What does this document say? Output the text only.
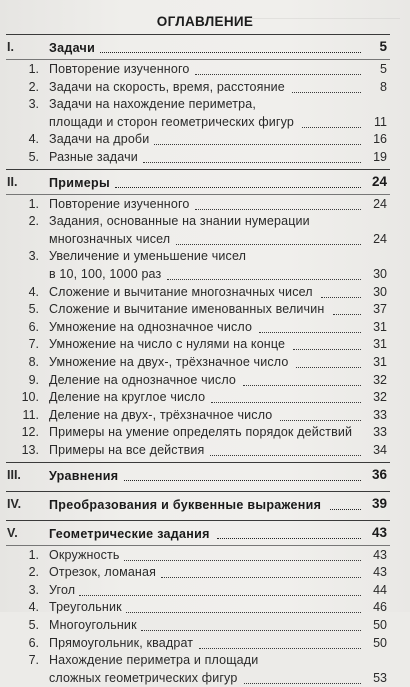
ОГЛАВЛЕНИЕ
I.	Задачи	5
1. Повторение изученного	5
2. Задачи на скорость, время, расстояние	8
3. Задачи на нахождение периметра,
площади и сторон геометрических фигур	11
4. Задачи на дроби	16
5. Разные задачи	19
II.	Примеры	24
1. Повторение изученного	24
2. Задания, основанные на знании нумерации
многозначных чисел	24
3. Увеличение и уменьшение чисел
в 10, 100, 1000 раз	30
4. Сложение и вычитание многозначных чисел	30
5. Сложение и вычитание именованных величин	37
6. Умножение на однозначное число	31
7. Умножение на число с нулями на конце	31
8. Умножение на двух-, трёхзначное число	31
9. Деление на однозначное число	32
10. Деление на круглое число	32
11. Деление на двух-, трёхзначное число	33
12. Примеры на умение определять порядок действий	33
13. Примеры на все действия	34
III.	Уравнения	36
IV.	Преобразования и буквенные выражения	39
V.	Геометрические задания	43
1. Окружность	43
2. Отрезок, ломаная	43
3. Угол	44
4. Треугольник	46
5. Многоугольник	50
6. Прямоугольник, квадрат	50
7. Нахождение периметра и площади
сложных геометрических фигур	53
